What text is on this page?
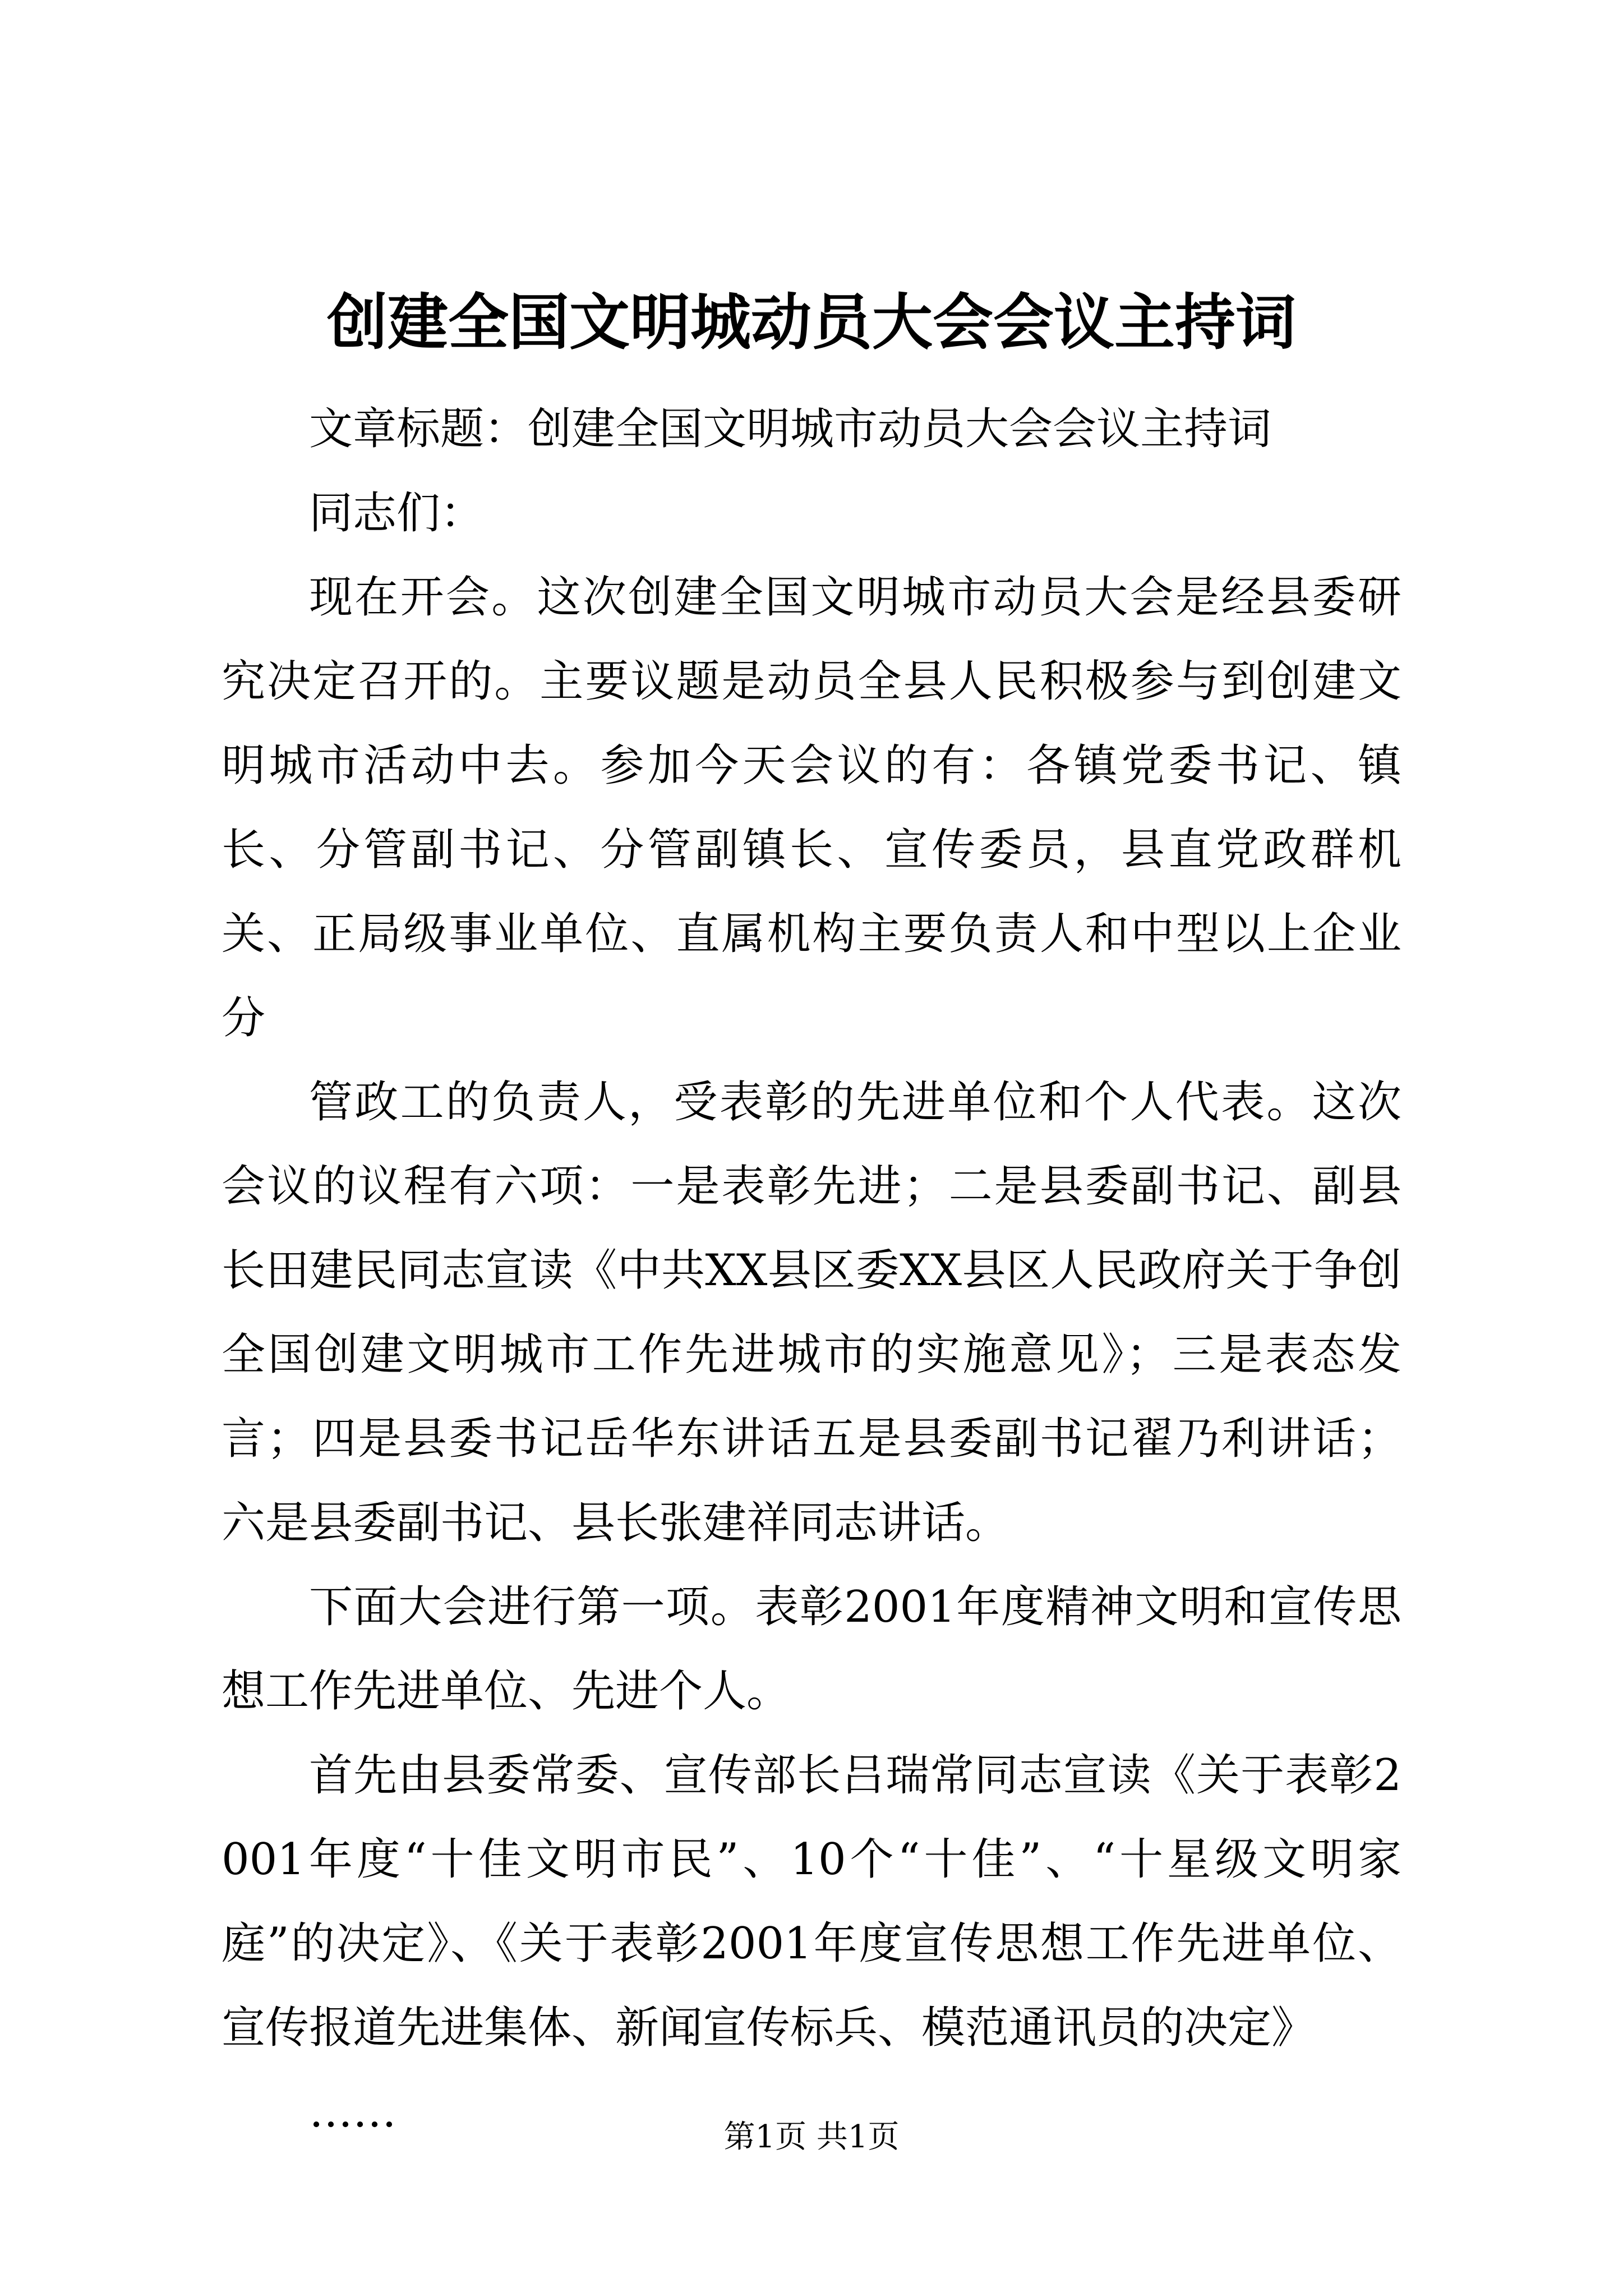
创建全国文明城动员大会会议主持词

文章标题：创建全国文明城市动员大会会议主持词

同志们：

现在开会。这次创建全国文明城市动员大会是经县委研究决定召开的。主要议题是动员全县人民积极参与到创建文明城市活动中去。参加今天会议的有：各镇党委书记、镇长、分管副书记、分管副镇长、宣传委员，县直党政群机关、正局级事业单位、直属机构主要负责人和中型以上企业分

管政工的负责人，受表彰的先进单位和个人代表。这次会议的议程有六项：一是表彰先进；二是县委副书记、副县长田建民同志宣读《中共XX县区委XX县区人民政府关于争创全国创建文明城市工作先进城市的实施意见》；三是表态发言；四是县委书记岳华东讲话五是县委副书记翟乃利讲话；六是县委副书记、县长张建祥同志讲话。

下面大会进行第一项。表彰2001年度精神文明和宣传思想工作先进单位、先进个人。

首先由县委常委、宣传部长吕瑞常同志宣读《关于表彰2001年度“十佳文明市民”、10个“十佳”、“十星级文明家庭”的决定》、《关于表彰2001年度宣传思想工作先进单位、宣传报道先进集体、新闻宣传标兵、模范通讯员的决定》

……	第1页 共1页
